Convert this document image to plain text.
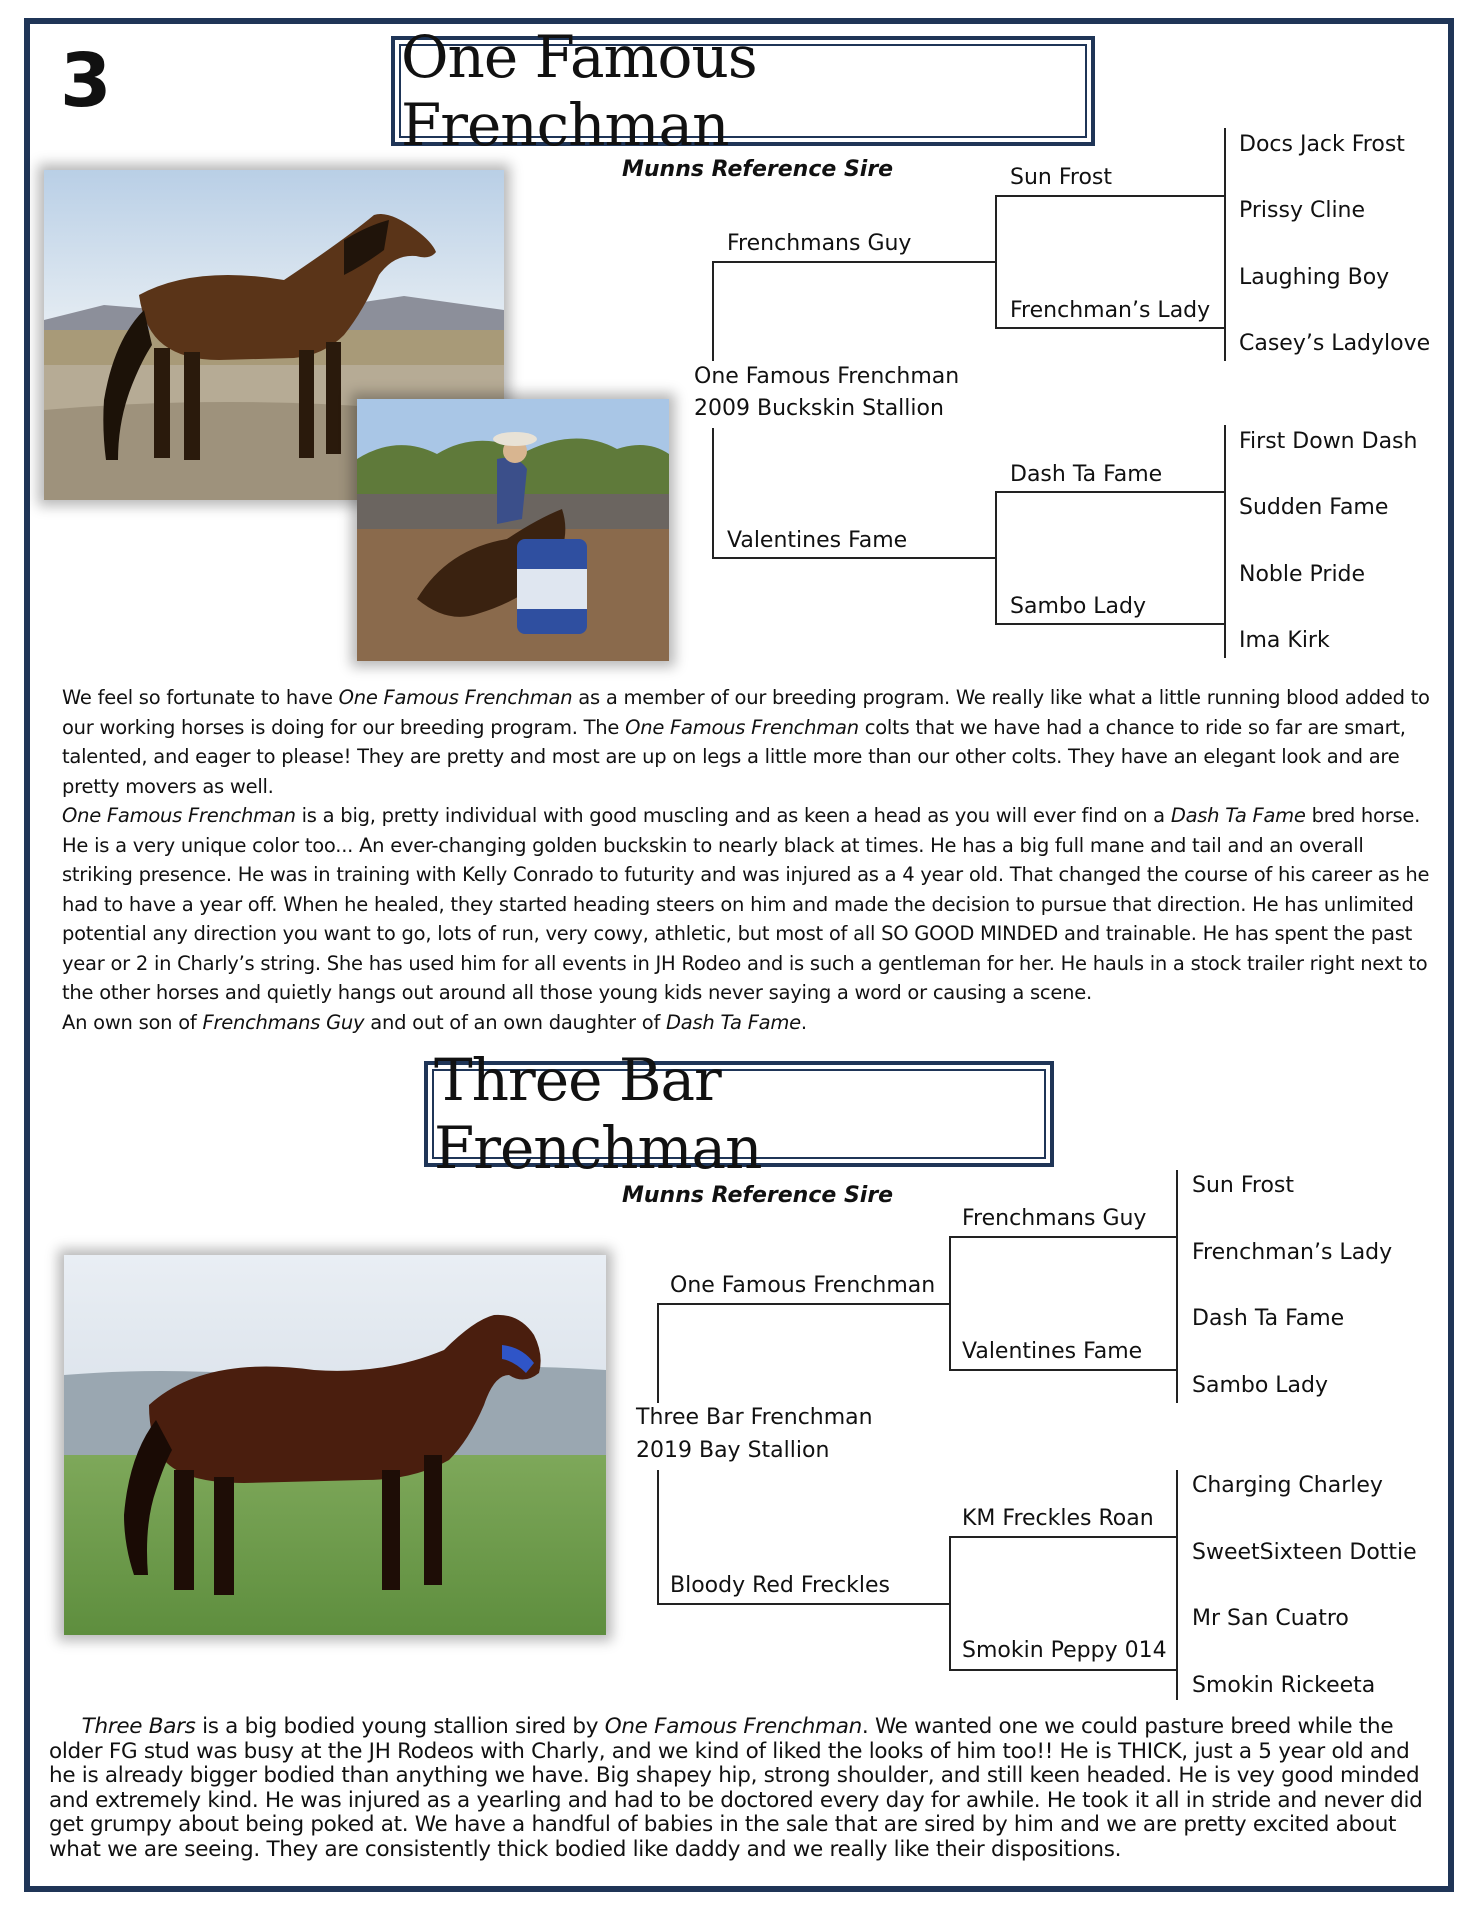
3	One Famous Frenchman
Munns Reference Sire	Sun Frost
Frenchman’s Lady
Dash Ta Fame
Sambo Lady
Frenchmans Guy
Valentines Fame
One Famous Frenchman
2009 Buckskin Stallion
Docs Jack Frost
Prissy Cline
Laughing Boy
Casey’s Ladylove
First Down Dash
Sudden Fame
Noble Pride
Ima Kirk

We feel so fortunate to have One Famous Frenchman as a member of our breeding program. We really like what a little running blood added to our working horses is doing for our breeding program. The One Famous Frenchman colts that we have had a chance to ride so far are smart, talented, and eager to please! They are pretty and most are up on legs a little more than our other colts. They have an elegant look and are pretty movers as well.

One Famous Frenchman is a big, pretty individual with good muscling and as keen a head as you will ever find on a Dash Ta Fame bred horse. He is a very unique color too... An ever-changing golden buckskin to nearly black at times. He has a big full mane and tail and an overall striking presence. He was in training with Kelly Conrado to futurity and was injured as a 4 year old. That changed the course of his career as he had to have a year off. When he healed, they started heading steers on him and made the decision to pursue that direction. He has unlimited potential any direction you want to go, lots of run, very cowy, athletic, but most of all SO GOOD MINDED and trainable. He has spent the past year or 2 in Charly’s string. She has used him for all events in JH Rodeo and is such a gentleman for her. He hauls in a stock trailer right next to the other horses and quietly hangs out around all those young kids never saying a word or causing a scene.

An own son of Frenchmans Guy and out of an own daughter of Dash Ta Fame.

Three Bar Frenchman
Munns Reference Sire
Frenchmans Guy
Valentines Fame
KM Freckles Roan
Smokin Peppy 014
One Famous Frenchman
Bloody Red Freckles
Three Bar Frenchman
2019 Bay Stallion
Sun Frost
Frenchman’s Lady
Dash Ta Fame
Sambo Lady
Charging Charley
SweetSixteen Dottie
Mr San Cuatro
Smokin Rickeeta

Three Bars is a big bodied young stallion sired by One Famous Frenchman. We wanted one we could pasture breed while the older FG stud was busy at the JH Rodeos with Charly, and we kind of liked the looks of him too!! He is THICK, just a 5 year old and he is already bigger bodied than anything we have. Big shapey hip, strong shoulder, and still keen headed. He is vey good minded and extremely kind. He was injured as a yearling and had to be doctored every day for awhile. He took it all in stride and never did get grumpy about being poked at. We have a handful of babies in the sale that are sired by him and we are pretty excited about what we are seeing. They are consistently thick bodied like daddy and we really like their dispositions.
